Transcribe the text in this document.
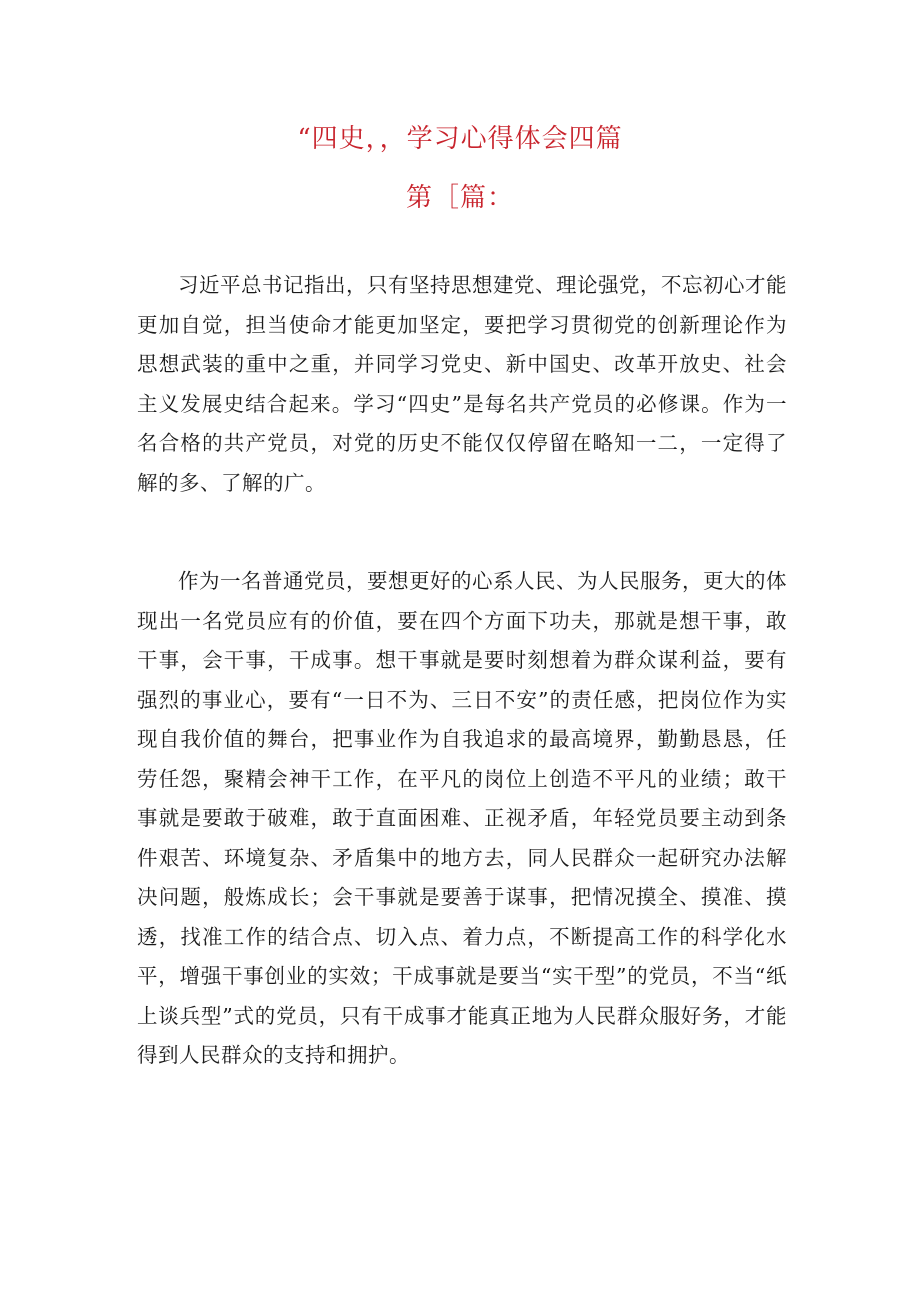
“四史，，学习心得体会四篇
第［篇：

习近平总书记指出，只有坚持思想建党、理论强党，不忘初心才能更加自觉，担当使命才能更加坚定，要把学习贯彻党的创新理论作为思想武装的重中之重，并同学习党史、新中国史、改革开放史、社会主义发展史结合起来。学习“四史”是每名共产党员的必修课。作为一名合格的共产党员，对党的历史不能仅仅停留在略知一二，一定得了解的多、了解的广。

作为一名普通党员，要想更好的心系人民、为人民服务，更大的体现出一名党员应有的价值，要在四个方面下功夫，那就是想干事，敢干事，会干事，干成事。想干事就是要时刻想着为群众谋利益，要有强烈的事业心，要有“一日不为、三日不安”的责任感，把岗位作为实现自我价值的舞台，把事业作为自我追求的最高境界，勤勤恳恳，任劳任怨，聚精会神干工作，在平凡的岗位上创造不平凡的业绩；敢干事就是要敢于破难，敢于直面困难、正视矛盾，年轻党员要主动到条件艰苦、环境复杂、矛盾集中的地方去，同人民群众一起研究办法解决问题，般炼成长；会干事就是要善于谋事，把情况摸全、摸准、摸透，找准工作的结合点、切入点、着力点，不断提高工作的科学化水平，增强干事创业的实效；干成事就是要当“实干型”的党员，不当“纸上谈兵型”式的党员，只有干成事才能真正地为人民群众服好务，才能得到人民群众的支持和拥护。
